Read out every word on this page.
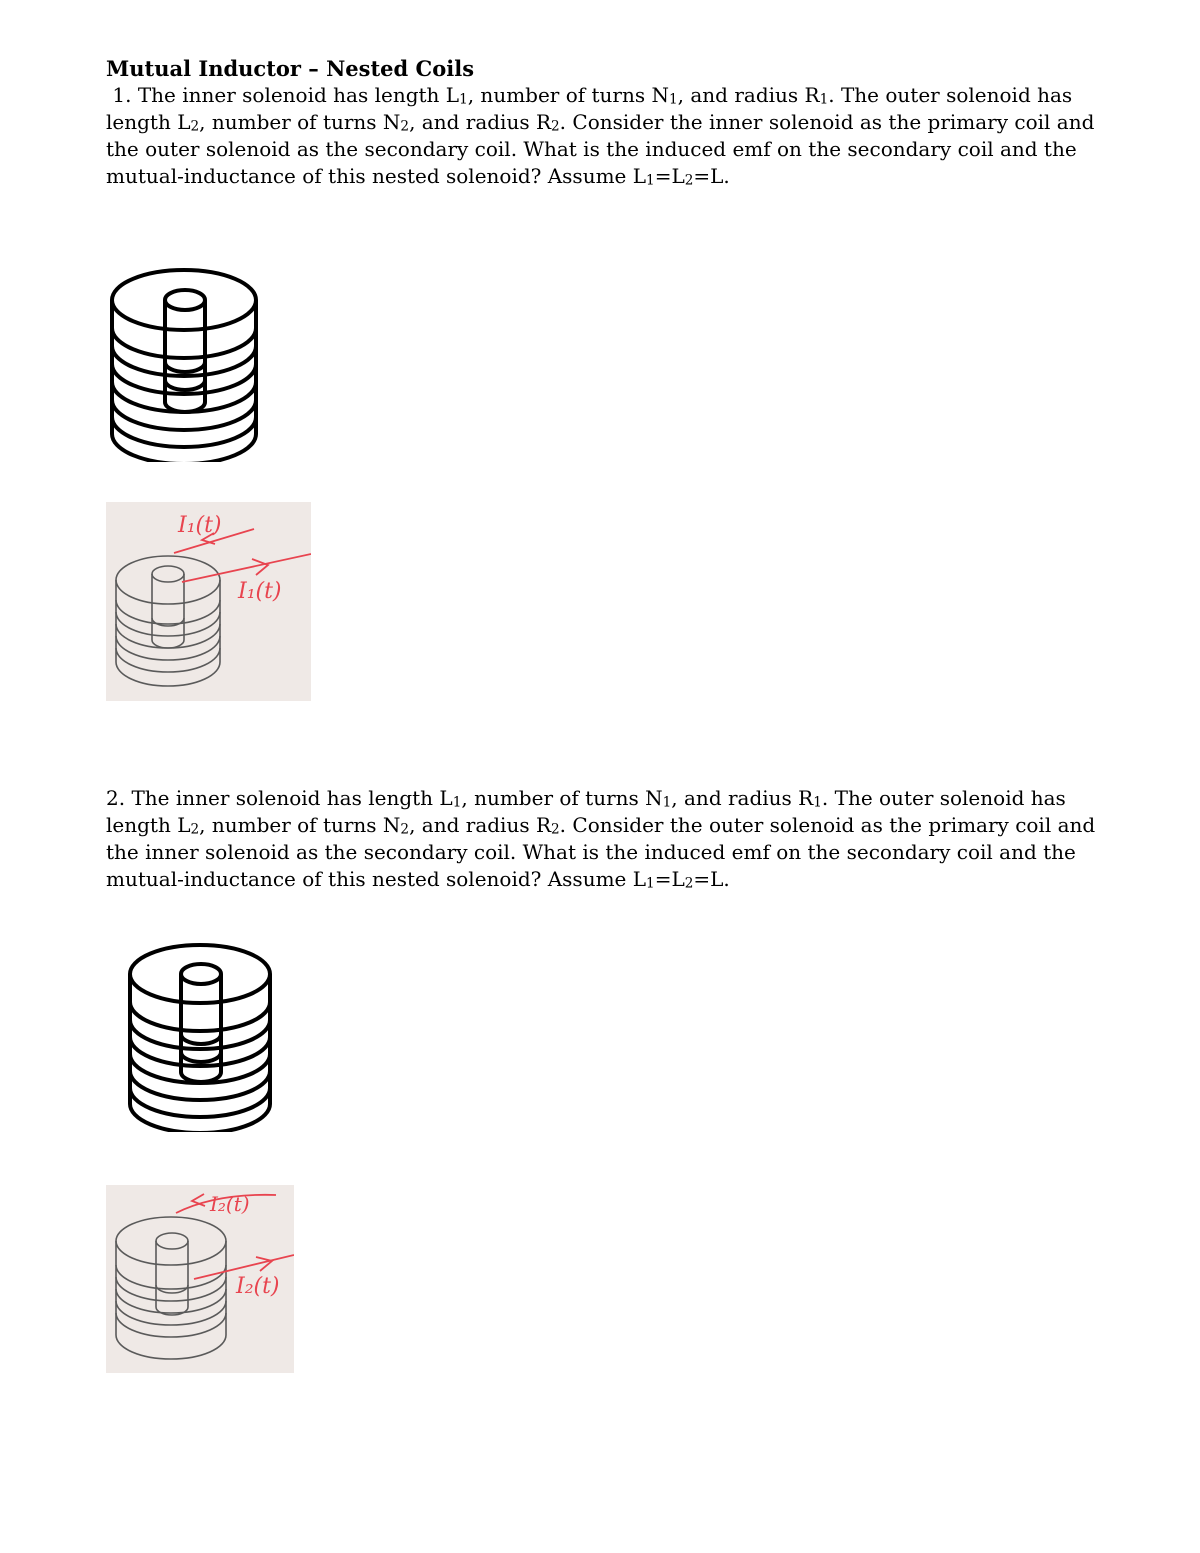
Mutual Inductor – Nested Coils

1. The inner solenoid has length $L_1$, number of turns $N_1$, and radius $R_1$. The outer solenoid has length $L_2$, number of turns $N_2$, and radius $R_2$. Consider the inner solenoid as the primary coil and the outer solenoid as the secondary coil. What is the induced emf on the secondary coil and the mutual-inductance of this nested solenoid? Assume $L_1=L_2=L$.

I₁(t)
I₁(t)

2. The inner solenoid has length $L_1$, number of turns $N_1$, and radius $R_1$. The outer solenoid has length $L_2$, number of turns $N_2$, and radius $R_2$. Consider the outer solenoid as the primary coil and the inner solenoid as the secondary coil. What is the induced emf on the secondary coil and the mutual-inductance of this nested solenoid? Assume $L_1=L_2=L$.

I₂(t)
I₂(t)
